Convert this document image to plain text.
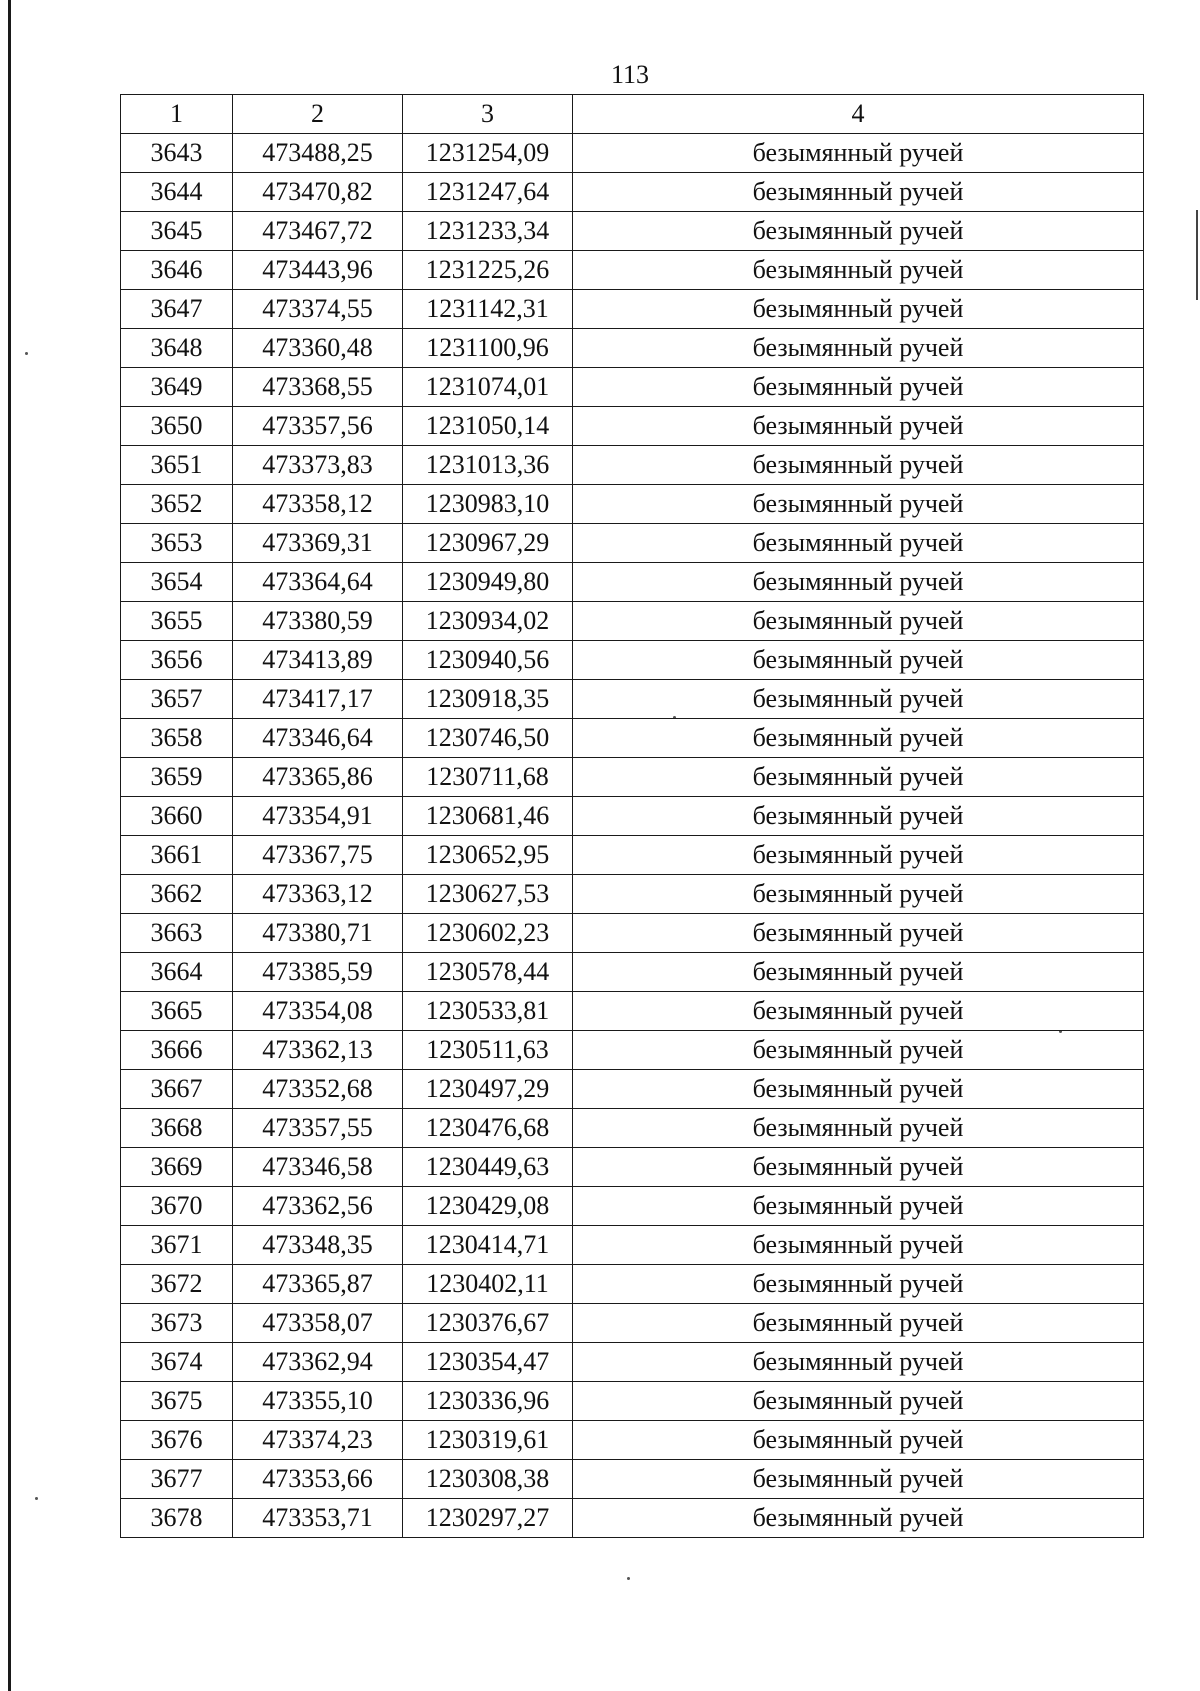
113
1	2	3	4
3643	473488,25	1231254,09	безымянный ручей
3644	473470,82	1231247,64	безымянный ручей
3645	473467,72	1231233,34	безымянный ручей
3646	473443,96	1231225,26	безымянный ручей
3647	473374,55	1231142,31	безымянный ручей
3648	473360,48	1231100,96	безымянный ручей
3649	473368,55	1231074,01	безымянный ручей
3650	473357,56	1231050,14	безымянный ручей
3651	473373,83	1231013,36	безымянный ручей
3652	473358,12	1230983,10	безымянный ручей
3653	473369,31	1230967,29	безымянный ручей
3654	473364,64	1230949,80	безымянный ручей
3655	473380,59	1230934,02	безымянный ручей
3656	473413,89	1230940,56	безымянный ручей
3657	473417,17	1230918,35	безымянный ручей
3658	473346,64	1230746,50	безымянный ручей
3659	473365,86	1230711,68	безымянный ручей
3660	473354,91	1230681,46	безымянный ручей
3661	473367,75	1230652,95	безымянный ручей
3662	473363,12	1230627,53	безымянный ручей
3663	473380,71	1230602,23	безымянный ручей
3664	473385,59	1230578,44	безымянный ручей
3665	473354,08	1230533,81	безымянный ручей
3666	473362,13	1230511,63	безымянный ручей
3667	473352,68	1230497,29	безымянный ручей
3668	473357,55	1230476,68	безымянный ручей
3669	473346,58	1230449,63	безымянный ручей
3670	473362,56	1230429,08	безымянный ручей
3671	473348,35	1230414,71	безымянный ручей
3672	473365,87	1230402,11	безымянный ручей
3673	473358,07	1230376,67	безымянный ручей
3674	473362,94	1230354,47	безымянный ручей
3675	473355,10	1230336,96	безымянный ручей
3676	473374,23	1230319,61	безымянный ручей
3677	473353,66	1230308,38	безымянный ручей
3678	473353,71	1230297,27	безымянный ручей
